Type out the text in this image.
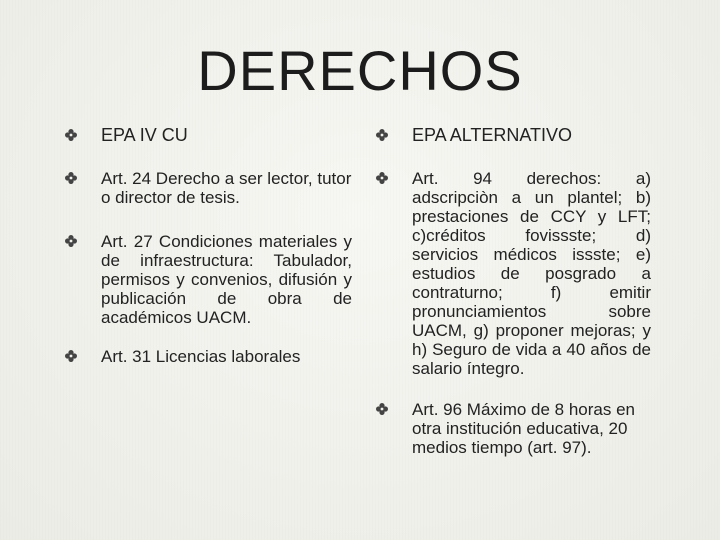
DERECHOS
EPA IV CU
Art. 24 Derecho a ser lector, tutor o director de tesis.
Art. 27 Condiciones materiales y de infraestructura: Tabulador, permisos y convenios, difusión y publicación de obra de académicos UACM.
Art. 31 Licencias laborales
EPA ALTERNATIVO
Art. 94 derechos: a) adscripciòn a un plantel; b) prestaciones de CCY y LFT; c)créditos fovissste; d) servicios médicos issste; e) estudios de posgrado a contraturno; f) emitir pronunciamientos sobre UACM, g) proponer mejoras; y h) Seguro de vida a 40 años de salario íntegro.
Art. 96 Máximo de 8 horas en otra institución educativa, 20 medios tiempo (art. 97).
